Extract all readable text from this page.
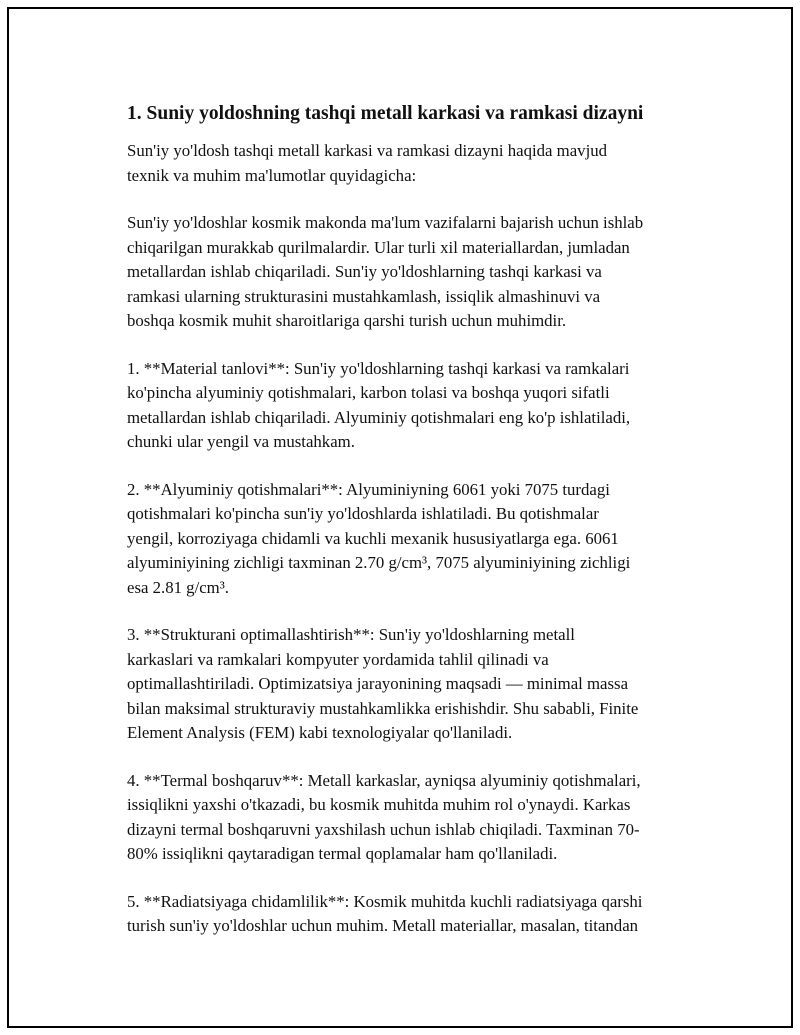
1. Suniy yoldoshning tashqi metall karkasi va ramkasi dizayni

Sun'iy yo'ldosh tashqi metall karkasi va ramkasi dizayni haqida mavjud
texnik va muhim ma'lumotlar quyidagicha:

Sun'iy yo'ldoshlar kosmik makonda ma'lum vazifalarni bajarish uchun ishlab
chiqarilgan murakkab qurilmalardir. Ular turli xil materiallardan, jumladan
metallardan ishlab chiqariladi. Sun'iy yo'ldoshlarning tashqi karkasi va
ramkasi ularning strukturasini mustahkamlash, issiqlik almashinuvi va
boshqa kosmik muhit sharoitlariga qarshi turish uchun muhimdir.

1. **Material tanlovi**: Sun'iy yo'ldoshlarning tashqi karkasi va ramkalari
ko'pincha alyuminiy qotishmalari, karbon tolasi va boshqa yuqori sifatli
metallardan ishlab chiqariladi. Alyuminiy qotishmalari eng ko'p ishlatiladi,
chunki ular yengil va mustahkam.

2. **Alyuminiy qotishmalari**: Alyuminiyning 6061 yoki 7075 turdagi
qotishmalari ko'pincha sun'iy yo'ldoshlarda ishlatiladi. Bu qotishmalar
yengil, korroziyaga chidamli va kuchli mexanik hususiyatlarga ega. 6061
alyuminiyining zichligi taxminan 2.70 g/cm³, 7075 alyuminiyining zichligi
esa 2.81 g/cm³.

3. **Strukturani optimallashtirish**: Sun'iy yo'ldoshlarning metall
karkaslari va ramkalari kompyuter yordamida tahlil qilinadi va
optimallashtiriladi. Optimizatsiya jarayonining maqsadi — minimal massa
bilan maksimal strukturaviy mustahkamlikka erishishdir. Shu sababli, Finite
Element Analysis (FEM) kabi texnologiyalar qo'llaniladi.

4. **Termal boshqaruv**: Metall karkaslar, ayniqsa alyuminiy qotishmalari,
issiqlikni yaxshi o'tkazadi, bu kosmik muhitda muhim rol o'ynaydi. Karkas
dizayni termal boshqaruvni yaxshilash uchun ishlab chiqiladi. Taxminan 70-
80% issiqlikni qaytaradigan termal qoplamalar ham qo'llaniladi.

5. **Radiatsiyaga chidamlilik**: Kosmik muhitda kuchli radiatsiyaga qarshi
turish sun'iy yo'ldoshlar uchun muhim. Metall materiallar, masalan, titandan
